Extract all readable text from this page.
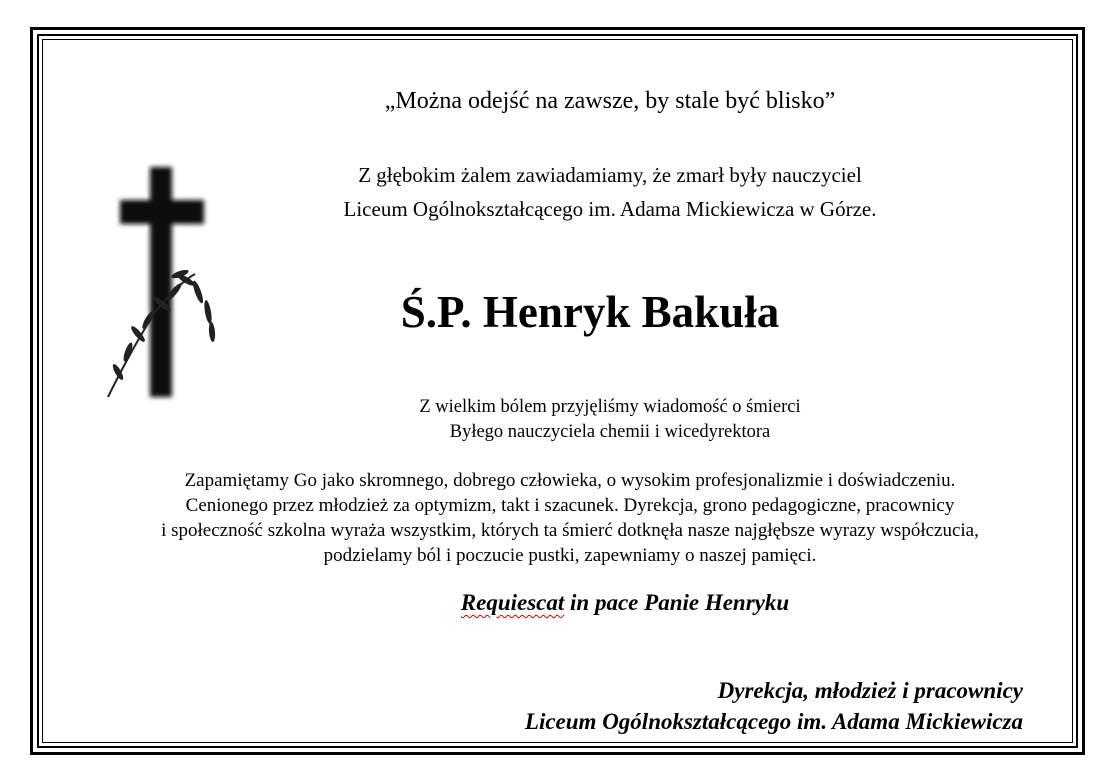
„Można odejść na zawsze, by stale być blisko”
Z głębokim żalem zawiadamiamy, że zmarł były nauczyciel
Liceum Ogólnokształcącego im. Adama Mickiewicza w Górze.
Ś.P. Henryk Bakuła
Z wielkim bólem przyjęliśmy wiadomość o śmierci
Byłego nauczyciela chemii i wicedyrektora
Zapamiętamy Go jako skromnego, dobrego człowieka, o wysokim profesjonalizmie i doświadczeniu.
Cenionego przez młodzież za optymizm, takt i szacunek. Dyrekcja, grono pedagogiczne, pracownicy
i społeczność szkolna wyraża wszystkim, których ta śmierć dotknęła nasze najgłębsze wyrazy współczucia,
podzielamy ból i poczucie pustki, zapewniamy o naszej pamięci.
Requiescat in pace Panie Henryku
Dyrekcja, młodzież i pracownicy
Liceum Ogólnokształcącego im. Adama Mickiewicza
